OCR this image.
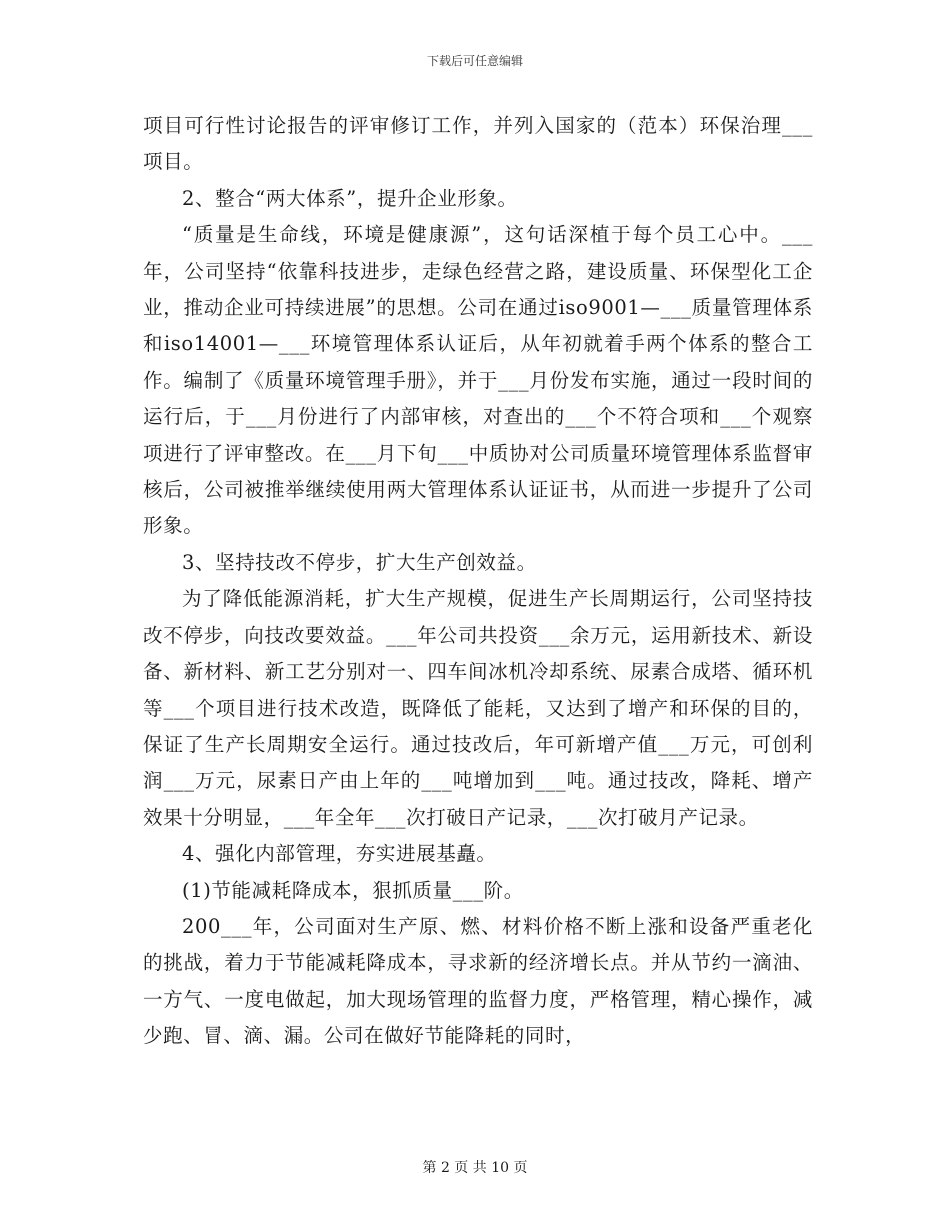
下载后可任意编辑

项目可行性讨论报告的评审修订工作，并列入国家的（范本）环保治理___项目。

2、整合“两大体系”，提升企业形象。

“质量是生命线，环境是健康源”，这句话深植于每个员工心中。___年，公司坚持“依靠科技进步，走绿色经营之路，建设质量、环保型化工企业，推动企业可持续进展”的思想。公司在通过iso9001—___质量管理体系和iso14001—___环境管理体系认证后，从年初就着手两个体系的整合工作。编制了《质量环境管理手册》，并于___月份发布实施，通过一段时间的运行后，于___月份进行了内部审核，对查出的___个不符合项和___个观察项进行了评审整改。在___月下旬___中质协对公司质量环境管理体系监督审核后，公司被推举继续使用两大管理体系认证证书，从而进一步提升了公司形象。

3、坚持技改不停步，扩大生产创效益。

为了降低能源消耗，扩大生产规模，促进生产长周期运行，公司坚持技改不停步，向技改要效益。___年公司共投资___余万元，运用新技术、新设备、新材料、新工艺分别对一、四车间冰机冷却系统、尿素合成塔、循环机等___个项目进行技术改造，既降低了能耗，又达到了增产和环保的目的，保证了生产长周期安全运行。通过技改后，年可新增产值___万元，可创利润___万元，尿素日产由上年的___吨增加到___吨。通过技改，降耗、增产效果十分明显，___年全年___次打破日产记录，___次打破月产记录。

4、强化内部管理，夯实进展基矗。

(1)节能减耗降成本，狠抓质量___阶。

200___年，公司面对生产原、燃、材料价格不断上涨和设备严重老化的挑战，着力于节能减耗降成本，寻求新的经济增长点。并从节约一滴油、一方气、一度电做起，加大现场管理的监督力度，严格管理，精心操作，减少跑、冒、滴、漏。公司在做好节能降耗的同时，

第 2 页 共 10 页
